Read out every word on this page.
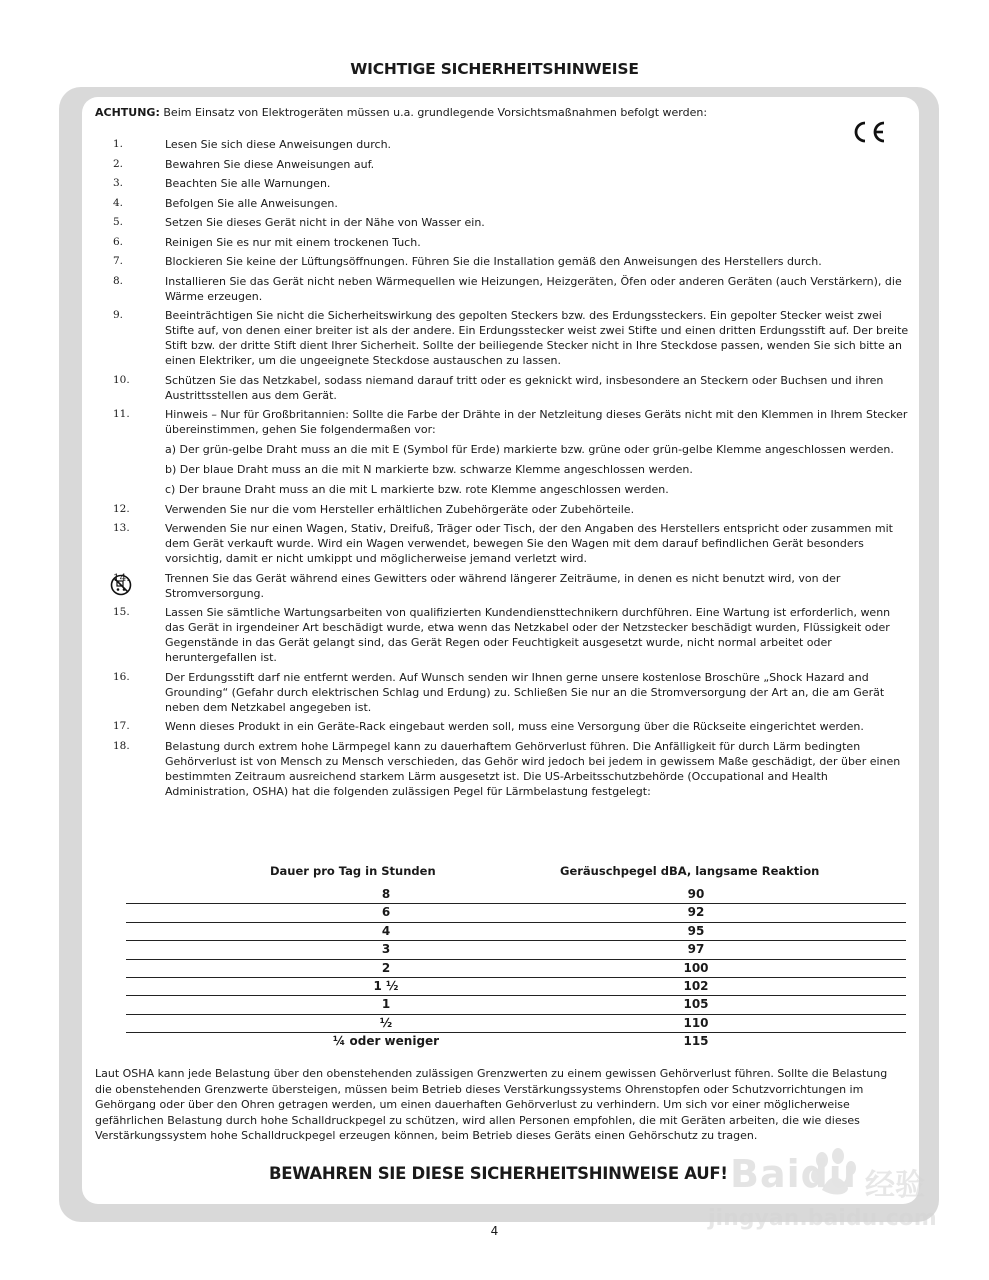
WICHTIGE SICHERHEITSHINWEISE
ACHTUNG: Beim Einsatz von Elektrogeräten müssen u.a. grundlegende Vorsichtsmaßnahmen befolgt werden:
1.	Lesen Sie sich diese Anweisungen durch.
2.	Bewahren Sie diese Anweisungen auf.
3.	Beachten Sie alle Warnungen.
4.	Befolgen Sie alle Anweisungen.
5.	Setzen Sie dieses Gerät nicht in der Nähe von Wasser ein.
6.	Reinigen Sie es nur mit einem trockenen Tuch.
7.	Blockieren Sie keine der Lüftungsöffnungen. Führen Sie die Installation gemäß den Anweisungen des Herstellers durch.
8.	Installieren Sie das Gerät nicht neben Wärmequellen wie Heizungen, Heizgeräten, Öfen oder anderen Geräten (auch Verstärkern), die Wärme erzeugen.
9.	Beeinträchtigen Sie nicht die Sicherheitswirkung des gepolten Steckers bzw. des Erdungssteckers. Ein gepolter Stecker weist zwei Stifte auf, von denen einer breiter ist als der andere. Ein Erdungsstecker weist zwei Stifte und einen dritten Erdungsstift auf. Der breite Stift bzw. der dritte Stift dient Ihrer Sicherheit. Sollte der beiliegende Stecker nicht in Ihre Steckdose passen, wenden Sie sich bitte an einen Elektriker, um die ungeeignete Steckdose austauschen zu lassen.
10.	Schützen Sie das Netzkabel, sodass niemand darauf tritt oder es geknickt wird, insbesondere an Steckern oder Buchsen und ihren Austrittsstellen aus dem Gerät.
11.	Hinweis – Nur für Großbritannien: Sollte die Farbe der Drähte in der Netzleitung dieses Geräts nicht mit den Klemmen in Ihrem Stecker übereinstimmen, gehen Sie folgendermaßen vor:
a) Der grün-gelbe Draht muss an die mit E (Symbol für Erde) markierte bzw. grüne oder grün-gelbe Klemme angeschlossen werden.
b) Der blaue Draht muss an die mit N markierte bzw. schwarze Klemme angeschlossen werden.
c) Der braune Draht muss an die mit L markierte bzw. rote Klemme angeschlossen werden.
12.	Verwenden Sie nur die vom Hersteller erhältlichen Zubehörgeräte oder Zubehörteile.
13.	Verwenden Sie nur einen Wagen, Stativ, Dreifuß, Träger oder Tisch, der den Angaben des Herstellers entspricht oder zusammen mit dem Gerät verkauft wurde. Wird ein Wagen verwendet, bewegen Sie den Wagen mit dem darauf befindlichen Gerät besonders vorsichtig, damit er nicht umkippt und möglicherweise jemand verletzt wird.
14.	Trennen Sie das Gerät während eines Gewitters oder während längerer Zeiträume, in denen es nicht benutzt wird, von der Stromversorgung.
15.	Lassen Sie sämtliche Wartungsarbeiten von qualifizierten Kundendiensttechnikern durchführen. Eine Wartung ist erforderlich, wenn das Gerät in irgendeiner Art beschädigt wurde, etwa wenn das Netzkabel oder der Netzstecker beschädigt wurden, Flüssigkeit oder Gegenstände in das Gerät gelangt sind, das Gerät Regen oder Feuchtigkeit ausgesetzt wurde, nicht normal arbeitet oder heruntergefallen ist.
16.	Der Erdungsstift darf nie entfernt werden. Auf Wunsch senden wir Ihnen gerne unsere kostenlose Broschüre „Shock Hazard and Grounding“ (Gefahr durch elektrischen Schlag und Erdung) zu. Schließen Sie nur an die Stromversorgung der Art an, die am Gerät neben dem Netzkabel angegeben ist.
17.	Wenn dieses Produkt in ein Geräte-Rack eingebaut werden soll, muss eine Versorgung über die Rückseite eingerichtet werden.
18.	Belastung durch extrem hohe Lärmpegel kann zu dauerhaftem Gehörverlust führen. Die Anfälligkeit für durch Lärm bedingten Gehörverlust ist von Mensch zu Mensch verschieden, das Gehör wird jedoch bei jedem in gewissem Maße geschädigt, der über einen bestimmten Zeitraum ausreichend starkem Lärm ausgesetzt ist. Die US-Arbeitsschutzbehörde (Occupational and Health Administration, OSHA) hat die folgenden zulässigen Pegel für Lärmbelastung festgelegt:
Dauer pro Tag in Stunden	Geräuschpegel dBA, langsame Reaktion
8	90
6	92
4	95
3	97
2	100
1 ½	102
1	105
½	110
¼ oder weniger	115
Laut OSHA kann jede Belastung über den obenstehenden zulässigen Grenzwerten zu einem gewissen Gehörverlust führen. Sollte die Belastung die obenstehenden Grenzwerte übersteigen, müssen beim Betrieb dieses Verstärkungssystems Ohrenstopfen oder Schutzvorrichtungen im Gehörgang oder über den Ohren getragen werden, um einen dauerhaften Gehörverlust zu verhindern. Um sich vor einer möglicherweise gefährlichen Belastung durch hohe Schalldruckpegel zu schützen, wird allen Personen empfohlen, die mit Geräten arbeiten, die wie dieses Verstärkungssystem hohe Schalldruckpegel erzeugen können, beim Betrieb dieses Geräts einen Gehörschutz zu tragen.
BEWAHREN SIE DIESE SICHERHEITSHINWEISE AUF!
4
Baidu 经验
jingyan.baidu.com
